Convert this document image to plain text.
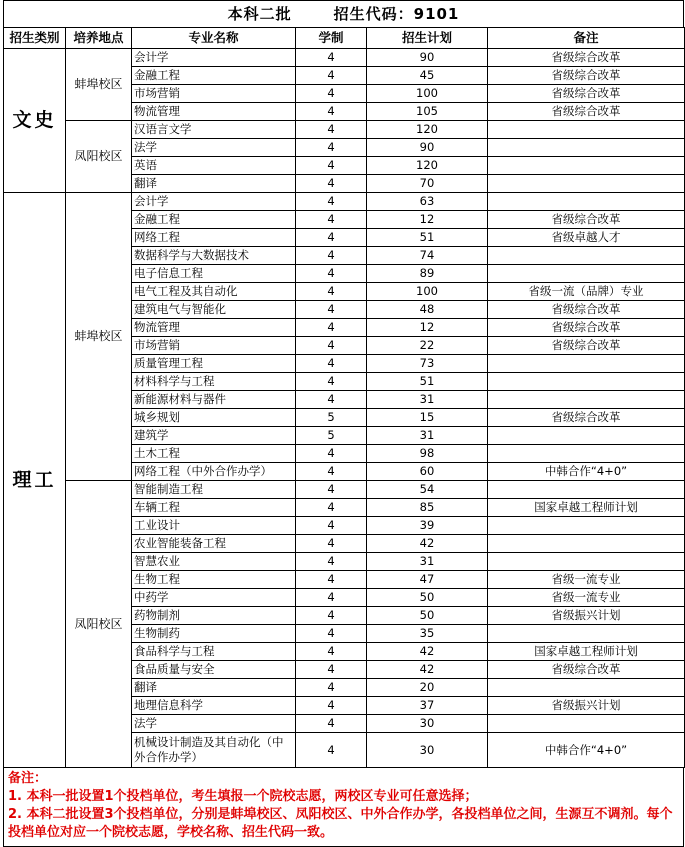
本科二批	招生代码：9101
招生类别	培养地点	专业名称	学制	招生计划	备注
文史	蚌埠校区	会计学	4	90	省级综合改革
		金融工程	4	45	省级综合改革
		市场营销	4	100	省级综合改革
		物流管理	4	105	省级综合改革
	凤阳校区	汉语言文学	4	120	
		法学	4	90	
		英语	4	120	
		翻译	4	70	
理工	蚌埠校区	会计学	4	63	
		金融工程	4	12	省级综合改革
		网络工程	4	51	省级卓越人才
		数据科学与大数据技术	4	74	
		电子信息工程	4	89	
		电气工程及其自动化	4	100	省级一流（品牌）专业
		建筑电气与智能化	4	48	省级综合改革
		物流管理	4	12	省级综合改革
		市场营销	4	22	省级综合改革
		质量管理工程	4	73	
		材料科学与工程	4	51	
		新能源材料与器件	4	31	
		城乡规划	5	15	省级综合改革
		建筑学	5	31	
		土木工程	4	98	
		网络工程（中外合作办学）	4	60	中韩合作“4+0”
	凤阳校区	智能制造工程	4	54	
		车辆工程	4	85	国家卓越工程师计划
		工业设计	4	39	
		农业智能装备工程	4	42	
		智慧农业	4	31	
		生物工程	4	47	省级一流专业
		中药学	4	50	省级一流专业
		药物制剂	4	50	省级振兴计划
		生物制药	4	35	
		食品科学与工程	4	42	国家卓越工程师计划
		食品质量与安全	4	42	省级综合改革
		翻译	4	20	
		地理信息科学	4	37	省级振兴计划
		法学	4	30	
		机械设计制造及其自动化（中外合作办学）	4	30	中韩合作“4+0”
备注：
1. 本科一批设置1个投档单位，考生填报一个院校志愿，两校区专业可任意选择；
2. 本科二批设置3个投档单位，分别是蚌埠校区、凤阳校区、中外合作办学，各投档单位之间，生源互不调剂。每个投档单位对应一个院校志愿，学校名称、招生代码一致。
